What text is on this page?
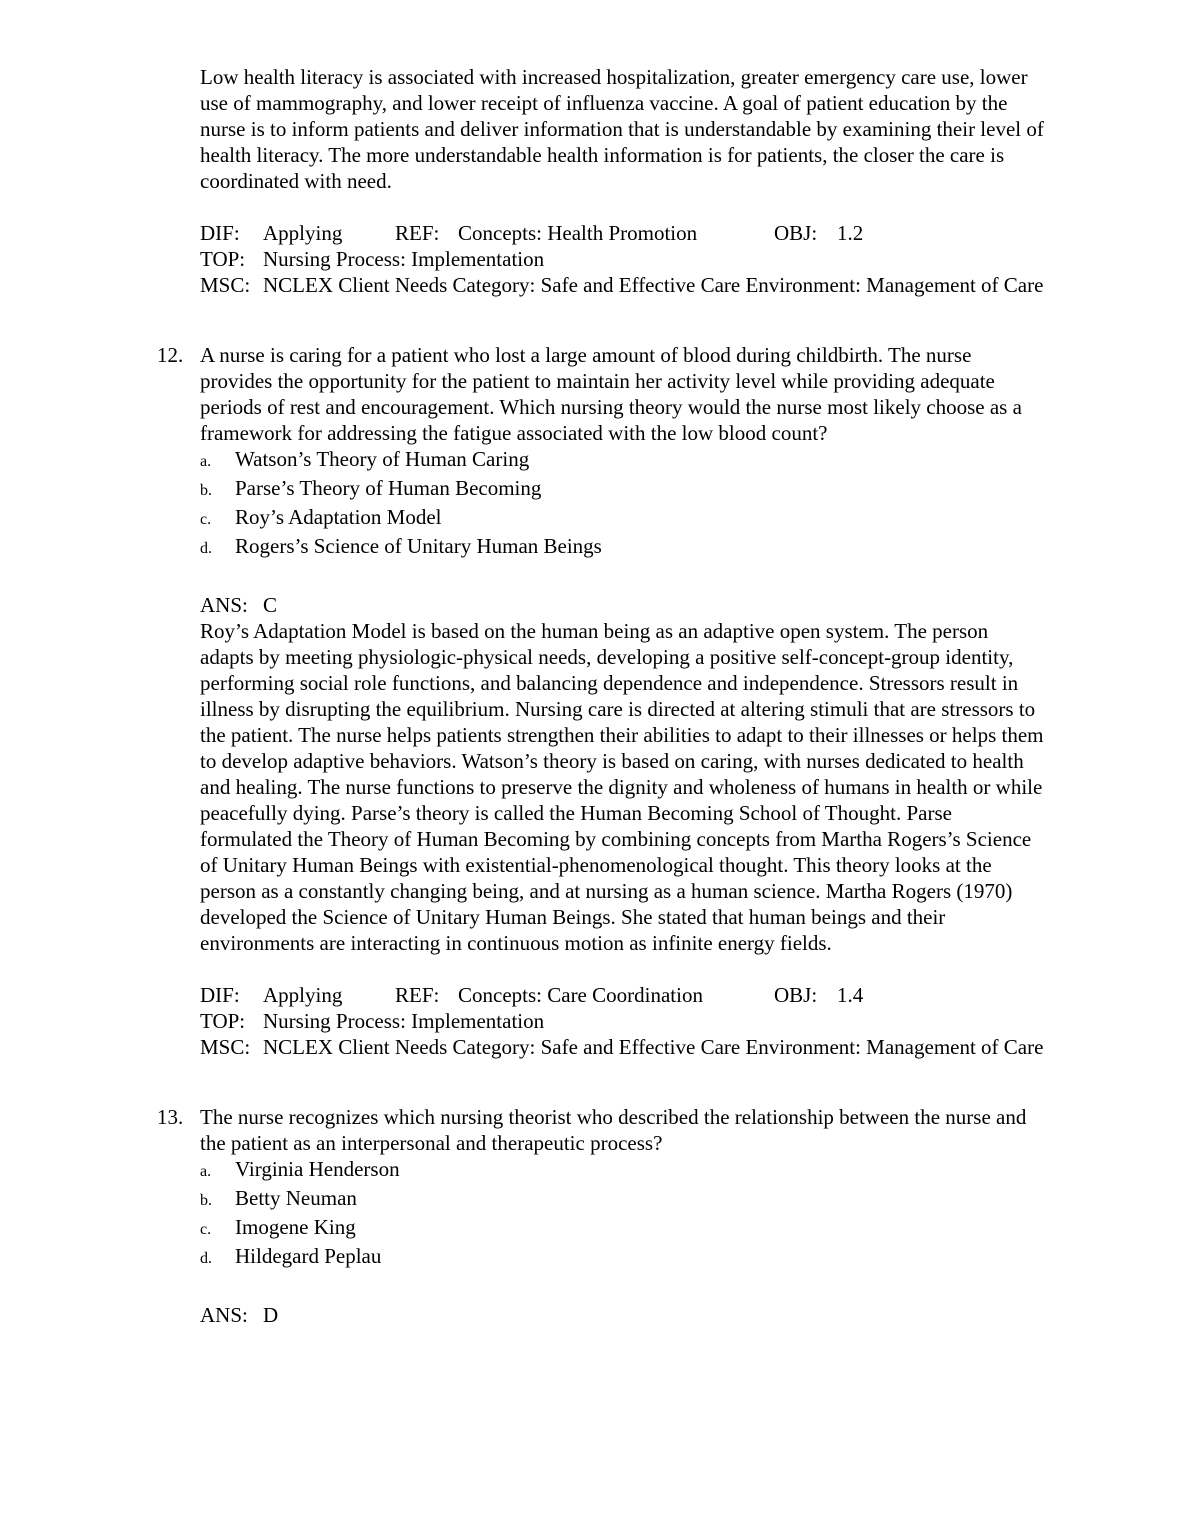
Low health literacy is associated with increased hospitalization, greater emergency care use, lower use of mammography, and lower receipt of influenza vaccine. A goal of patient education by the nurse is to inform patients and deliver information that is understandable by examining their level of health literacy. The more understandable health information is for patients, the closer the care is coordinated with need.
DIF: Applying	REF: Concepts: Health Promotion	OBJ: 1.2
TOP: Nursing Process: Implementation
MSC: NCLEX Client Needs Category: Safe and Effective Care Environment: Management of Care
12. A nurse is caring for a patient who lost a large amount of blood during childbirth. The nurse provides the opportunity for the patient to maintain her activity level while providing adequate periods of rest and encouragement. Which nursing theory would the nurse most likely choose as a framework for addressing the fatigue associated with the low blood count?
a.	Watson’s Theory of Human Caring
b.	Parse’s Theory of Human Becoming
c.	Roy’s Adaptation Model
d.	Rogers’s Science of Unitary Human Beings
ANS: C
Roy’s Adaptation Model is based on the human being as an adaptive open system. The person adapts by meeting physiologic-physical needs, developing a positive self-concept-group identity, performing social role functions, and balancing dependence and independence. Stressors result in illness by disrupting the equilibrium. Nursing care is directed at altering stimuli that are stressors to the patient. The nurse helps patients strengthen their abilities to adapt to their illnesses or helps them to develop adaptive behaviors. Watson’s theory is based on caring, with nurses dedicated to health and healing. The nurse functions to preserve the dignity and wholeness of humans in health or while peacefully dying. Parse’s theory is called the Human Becoming School of Thought. Parse formulated the Theory of Human Becoming by combining concepts from Martha Rogers’s Science of Unitary Human Beings with existential-phenomenological thought. This theory looks at the person as a constantly changing being, and at nursing as a human science. Martha Rogers (1970) developed the Science of Unitary Human Beings. She stated that human beings and their environments are interacting in continuous motion as infinite energy fields.
DIF: Applying	REF: Concepts: Care Coordination	OBJ: 1.4
TOP: Nursing Process: Implementation
MSC: NCLEX Client Needs Category: Safe and Effective Care Environment: Management of Care
13. The nurse recognizes which nursing theorist who described the relationship between the nurse and the patient as an interpersonal and therapeutic process?
a.	Virginia Henderson
b.	Betty Neuman
c.	Imogene King
d.	Hildegard Peplau
ANS: D
